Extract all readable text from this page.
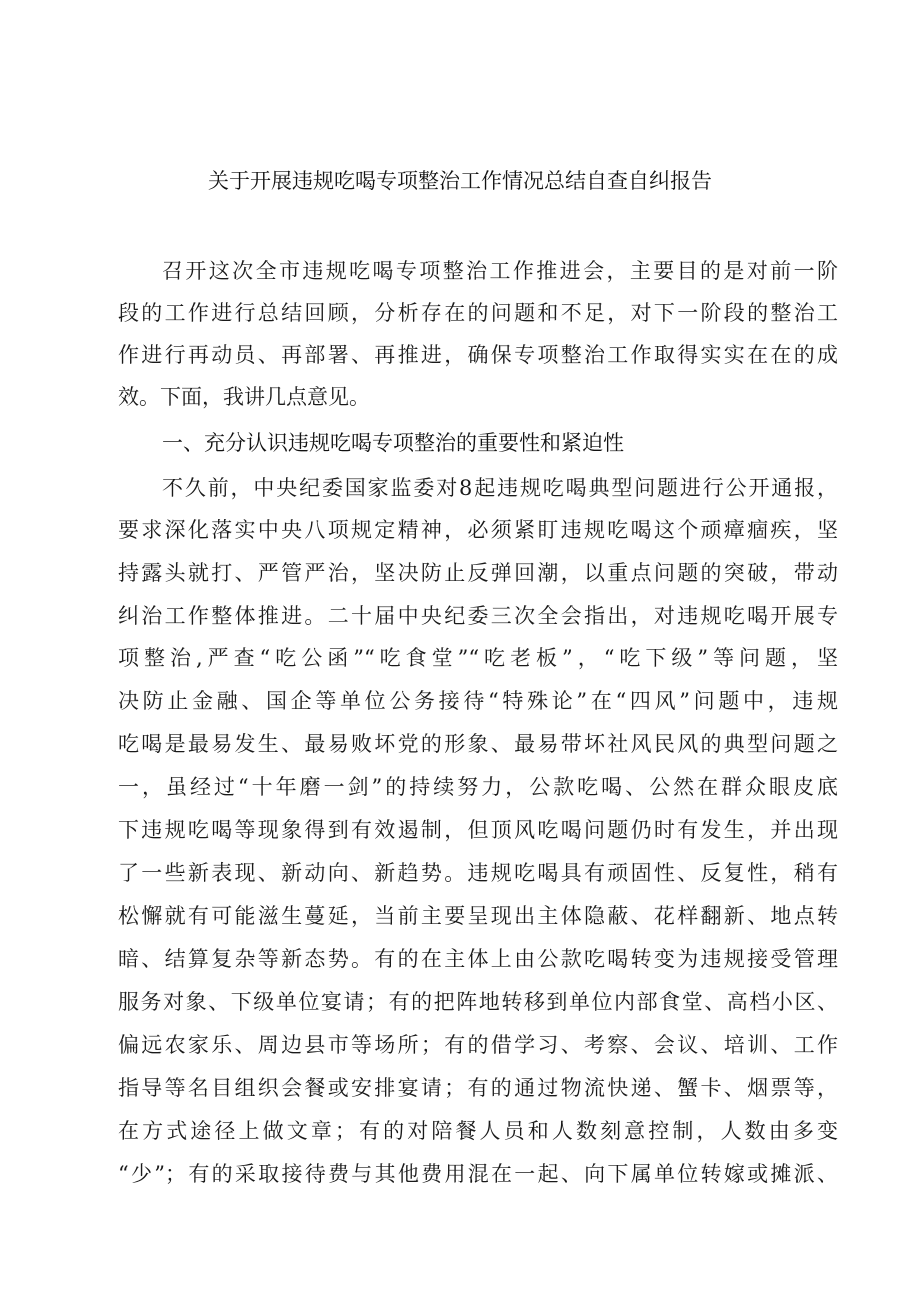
关于开展违规吃喝专项整治工作情况总结自查自纠报告
召开这次全市违规吃喝专项整治工作推进会，主要目的是对前一阶
段的工作进行总结回顾，分析存在的问题和不足，对下一阶段的整治工
作进行再动员、再部署、再推进，确保专项整治工作取得实实在在的成
效。下面，我讲几点意见。
一、充分认识违规吃喝专项整治的重要性和紧迫性
不久前，中央纪委国家监委对8起违规吃喝典型问题进行公开通报，
要求深化落实中央八项规定精神，必须紧盯违规吃喝这个顽瘴痼疾，坚
持露头就打、严管严治，坚决防止反弹回潮，以重点问题的突破，带动
纠治工作整体推进。二十届中央纪委三次全会指出，对违规吃喝开展专
项整治,严查“吃公函”“吃食堂”“吃老板”，“吃下级”等问题，坚
决防止金融、国企等单位公务接待“特殊论”在“四风”问题中，违规
吃喝是最易发生、最易败坏党的形象、最易带坏社风民风的典型问题之
一，虽经过“十年磨一剑”的持续努力，公款吃喝、公然在群众眼皮底
下违规吃喝等现象得到有效遏制，但顶风吃喝问题仍时有发生，并出现
了一些新表现、新动向、新趋势。违规吃喝具有顽固性、反复性，稍有
松懈就有可能滋生蔓延，当前主要呈现出主体隐蔽、花样翻新、地点转
暗、结算复杂等新态势。有的在主体上由公款吃喝转变为违规接受管理
服务对象、下级单位宴请；有的把阵地转移到单位内部食堂、高档小区、
偏远农家乐、周边县市等场所；有的借学习、考察、会议、培训、工作
指导等名目组织会餐或安排宴请；有的通过物流快递、蟹卡、烟票等，
在方式途径上做文章；有的对陪餐人员和人数刻意控制，人数由多变
“少”；有的采取接待费与其他费用混在一起、向下属单位转嫁或摊派、
